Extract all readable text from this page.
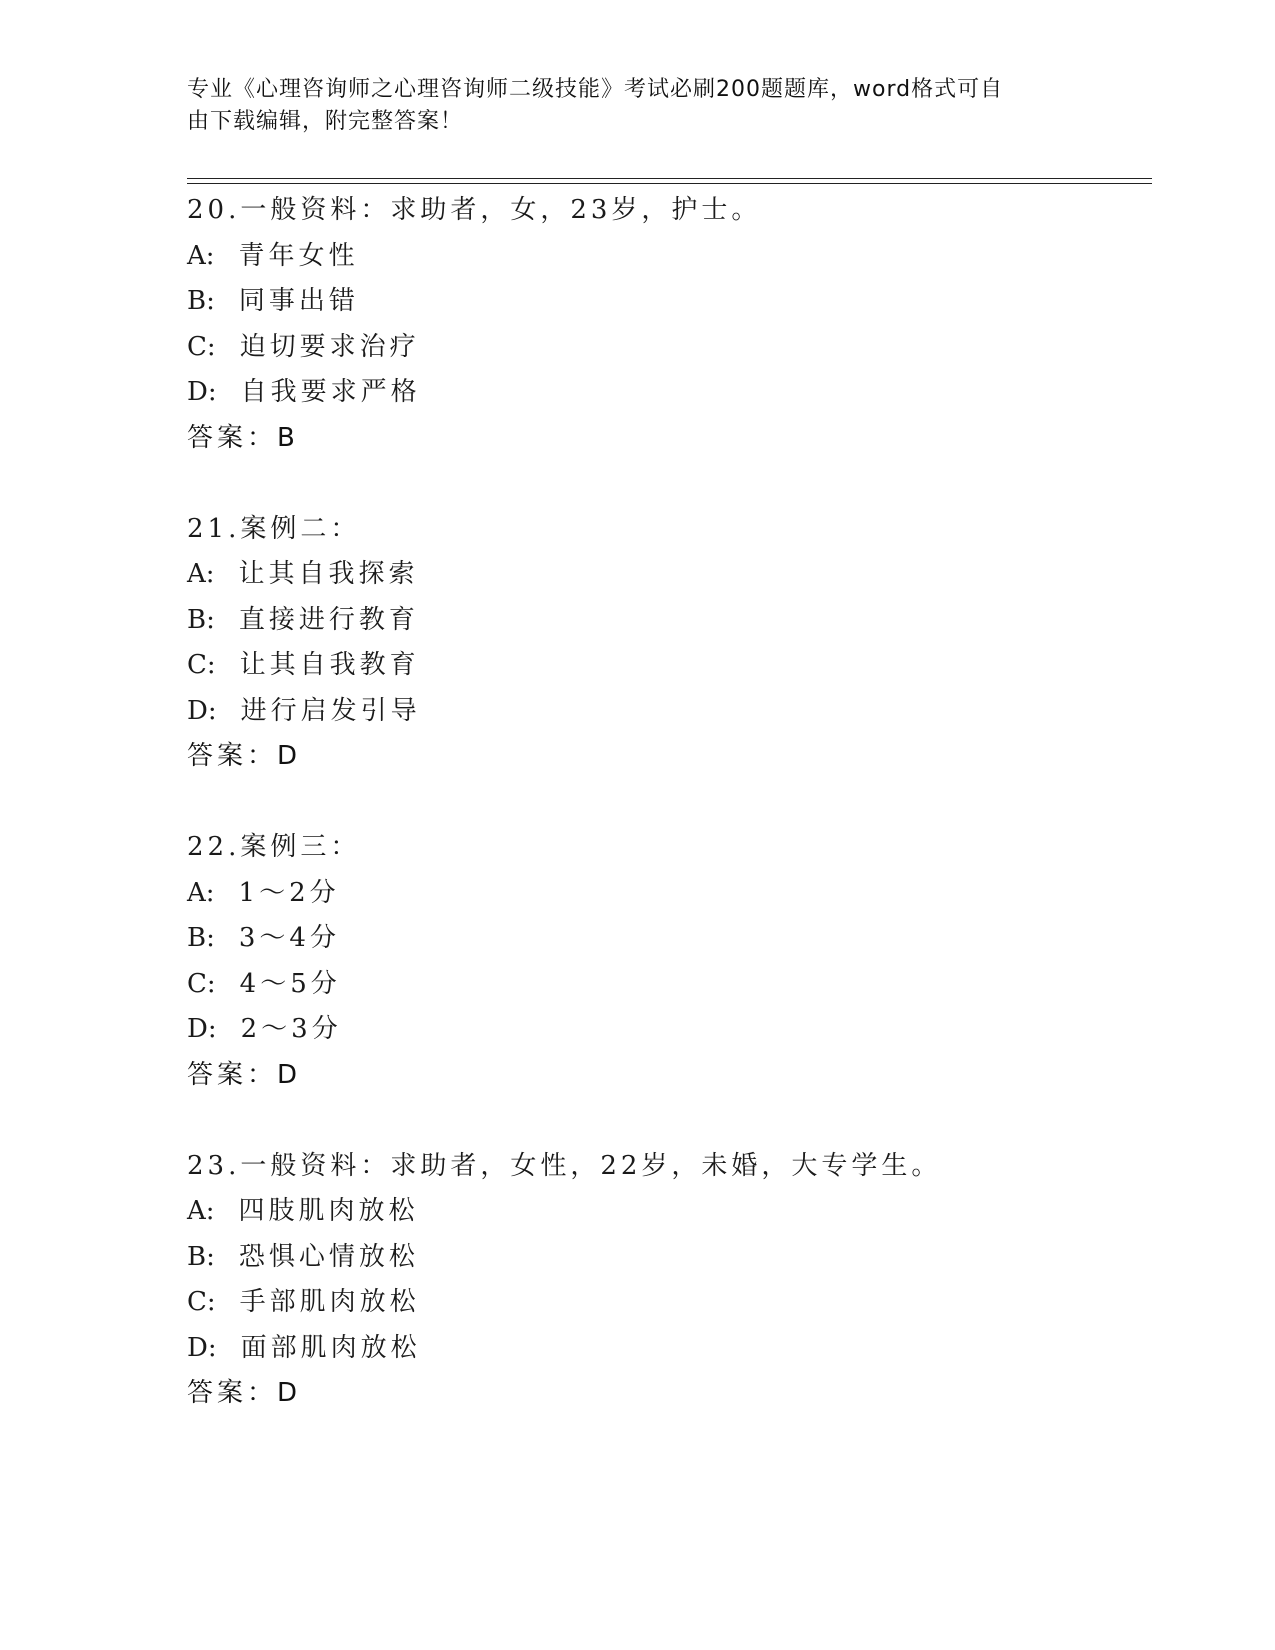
专业《心理咨询师之心理咨询师二级技能》考试必刷200题题库，word格式可自
由下载编辑，附完整答案！
20.一般资料：求助者，女，23岁，护士。
A: 青年女性
B: 同事出错
C: 迫切要求治疗
D: 自我要求严格
答案：B
21.案例二：
A: 让其自我探索
B: 直接进行教育
C: 让其自我教育
D: 进行启发引导
答案：D
22.案例三：
A: 1～2分
B: 3～4分
C: 4～5分
D: 2～3分
答案：D
23.一般资料：求助者，女性，22岁，未婚，大专学生。
A: 四肢肌肉放松
B: 恐惧心情放松
C: 手部肌肉放松
D: 面部肌肉放松
答案：D
